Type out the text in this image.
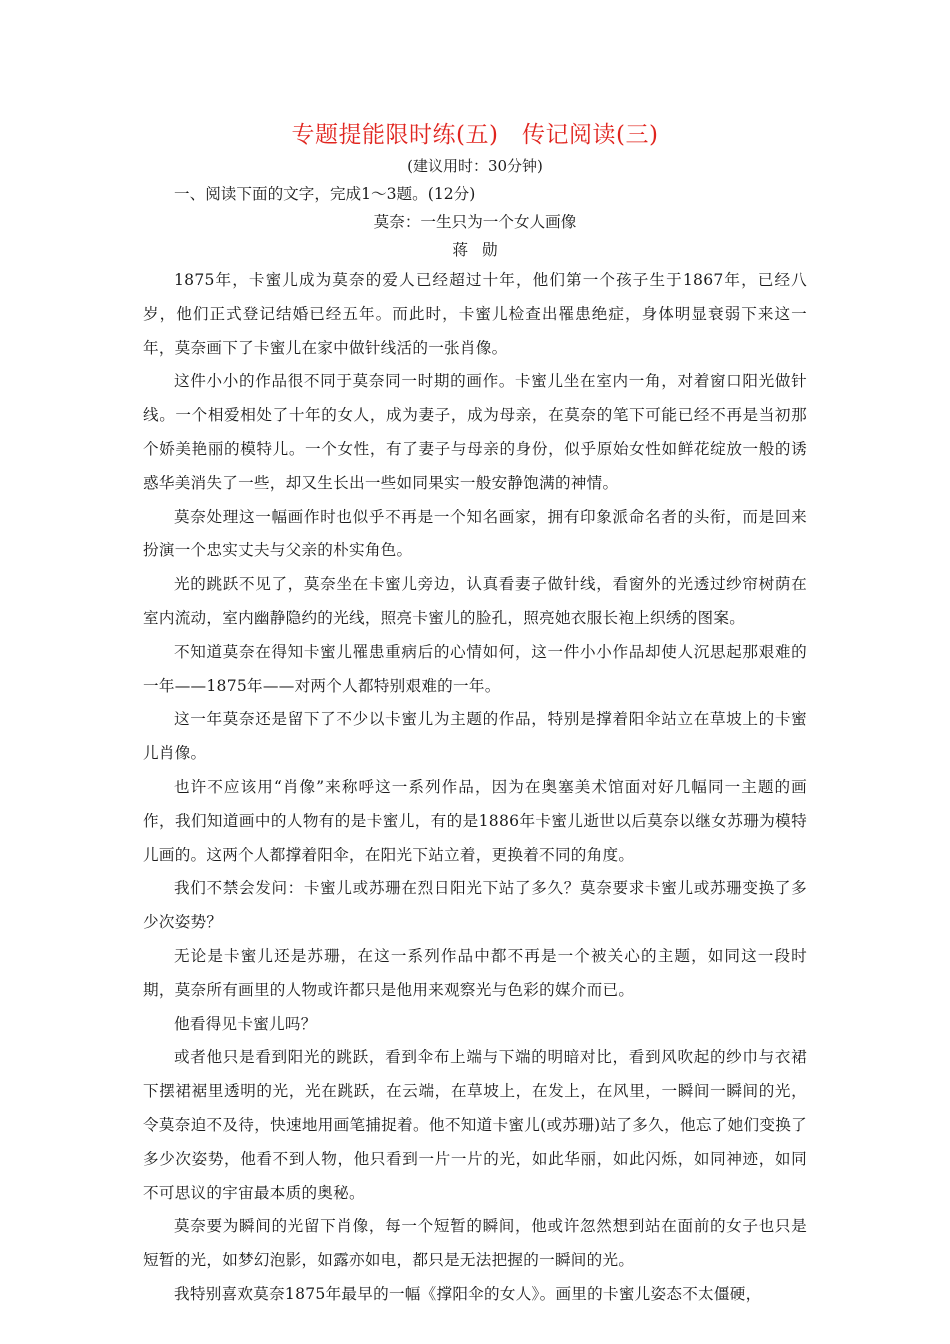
专题提能限时练(五)　传记阅读(三)

(建议用时：30分钟)

一、阅读下面的文字，完成1～3题。(12分)

莫奈：一生只为一个女人画像

蒋勋

1875年，卡蜜儿成为莫奈的爱人已经超过十年，他们第一个孩子生于1867年，已经八岁，他们正式登记结婚已经五年。而此时，卡蜜儿检查出罹患绝症，身体明显衰弱下来这一年，莫奈画下了卡蜜儿在家中做针线活的一张肖像。

这件小小的作品很不同于莫奈同一时期的画作。卡蜜儿坐在室内一角，对着窗口阳光做针线。一个相爱相处了十年的女人，成为妻子，成为母亲，在莫奈的笔下可能已经不再是当初那个娇美艳丽的模特儿。一个女性，有了妻子与母亲的身份，似乎原始女性如鲜花绽放一般的诱惑华美消失了一些，却又生长出一些如同果实一般安静饱满的神情。

莫奈处理这一幅画作时也似乎不再是一个知名画家，拥有印象派命名者的头衔，而是回来扮演一个忠实丈夫与父亲的朴实角色。

光的跳跃不见了，莫奈坐在卡蜜儿旁边，认真看妻子做针线，看窗外的光透过纱帘树荫在室内流动，室内幽静隐约的光线，照亮卡蜜儿的脸孔，照亮她衣服长袍上织绣的图案。

不知道莫奈在得知卡蜜儿罹患重病后的心情如何，这一件小小作品却使人沉思起那艰难的一年——1875年——对两个人都特别艰难的一年。

这一年莫奈还是留下了不少以卡蜜儿为主题的作品，特别是撑着阳伞站立在草坡上的卡蜜儿肖像。

也许不应该用“肖像”来称呼这一系列作品，因为在奥塞美术馆面对好几幅同一主题的画作，我们知道画中的人物有的是卡蜜儿，有的是1886年卡蜜儿逝世以后莫奈以继女苏珊为模特儿画的。这两个人都撑着阳伞，在阳光下站立着，更换着不同的角度。

我们不禁会发问：卡蜜儿或苏珊在烈日阳光下站了多久？莫奈要求卡蜜儿或苏珊变换了多少次姿势？

无论是卡蜜儿还是苏珊，在这一系列作品中都不再是一个被关心的主题，如同这一段时期，莫奈所有画里的人物或许都只是他用来观察光与色彩的媒介而已。

他看得见卡蜜儿吗？

或者他只是看到阳光的跳跃，看到伞布上端与下端的明暗对比，看到风吹起的纱巾与衣裙下摆裙裾里透明的光，光在跳跃，在云端，在草坡上，在发上，在风里，一瞬间一瞬间的光，令莫奈迫不及待，快速地用画笔捕捉着。他不知道卡蜜儿(或苏珊)站了多久，他忘了她们变换了多少次姿势，他看不到人物，他只看到一片一片的光，如此华丽，如此闪烁，如同神迹，如同不可思议的宇宙最本质的奥秘。

莫奈要为瞬间的光留下肖像，每一个短暂的瞬间，他或许忽然想到站在面前的女子也只是短暂的光，如梦幻泡影，如露亦如电，都只是无法把握的一瞬间的光。

我特别喜欢莫奈1875年最早的一幅《撑阳伞的女人》。画里的卡蜜儿姿态不太僵硬，
